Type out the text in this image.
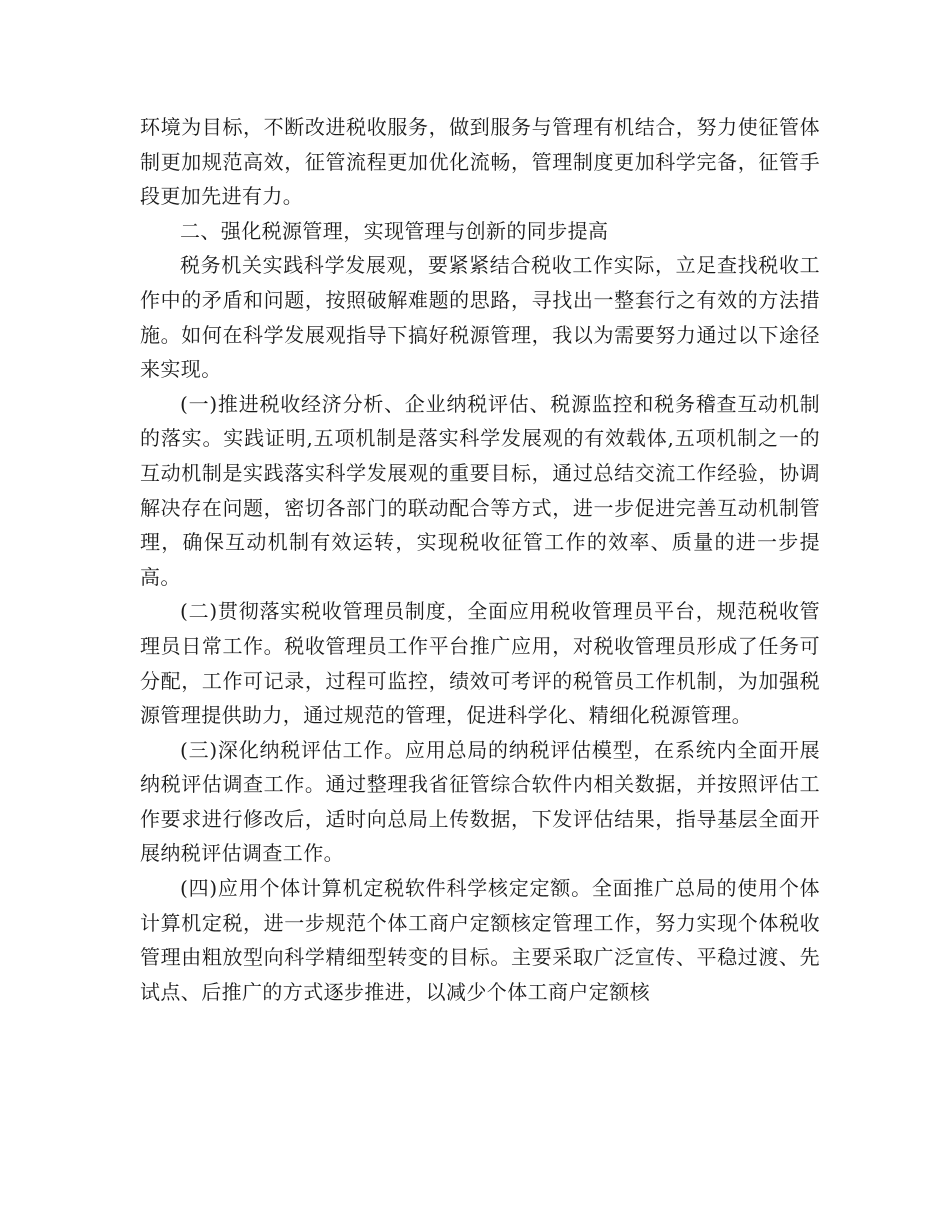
环境为目标，不断改进税收服务，做到服务与管理有机结合，努力使征管体制更加规范高效，征管流程更加优化流畅，管理制度更加科学完备，征管手段更加先进有力。

二、强化税源管理，实现管理与创新的同步提高

税务机关实践科学发展观，要紧紧结合税收工作实际，立足查找税收工作中的矛盾和问题，按照破解难题的思路，寻找出一整套行之有效的方法措施。如何在科学发展观指导下搞好税源管理，我以为需要努力通过以下途径来实现。

(一)推进税收经济分析、企业纳税评估、税源监控和税务稽查互动机制的落实。实践证明,五项机制是落实科学发展观的有效载体,五项机制之一的互动机制是实践落实科学发展观的重要目标，通过总结交流工作经验，协调解决存在问题，密切各部门的联动配合等方式，进一步促进完善互动机制管理，确保互动机制有效运转，实现税收征管工作的效率、质量的进一步提高。

(二)贯彻落实税收管理员制度，全面应用税收管理员平台，规范税收管理员日常工作。税收管理员工作平台推广应用，对税收管理员形成了任务可分配，工作可记录，过程可监控，绩效可考评的税管员工作机制，为加强税源管理提供助力，通过规范的管理，促进科学化、精细化税源管理。

(三)深化纳税评估工作。应用总局的纳税评估模型，在系统内全面开展纳税评估调查工作。通过整理我省征管综合软件内相关数据，并按照评估工作要求进行修改后，适时向总局上传数据，下发评估结果，指导基层全面开展纳税评估调查工作。

(四)应用个体计算机定税软件科学核定定额。全面推广总局的使用个体计算机定税，进一步规范个体工商户定额核定管理工作，努力实现个体税收管理由粗放型向科学精细型转变的目标。主要采取广泛宣传、平稳过渡、先试点、后推广的方式逐步推进，以减少个体工商户定额核
